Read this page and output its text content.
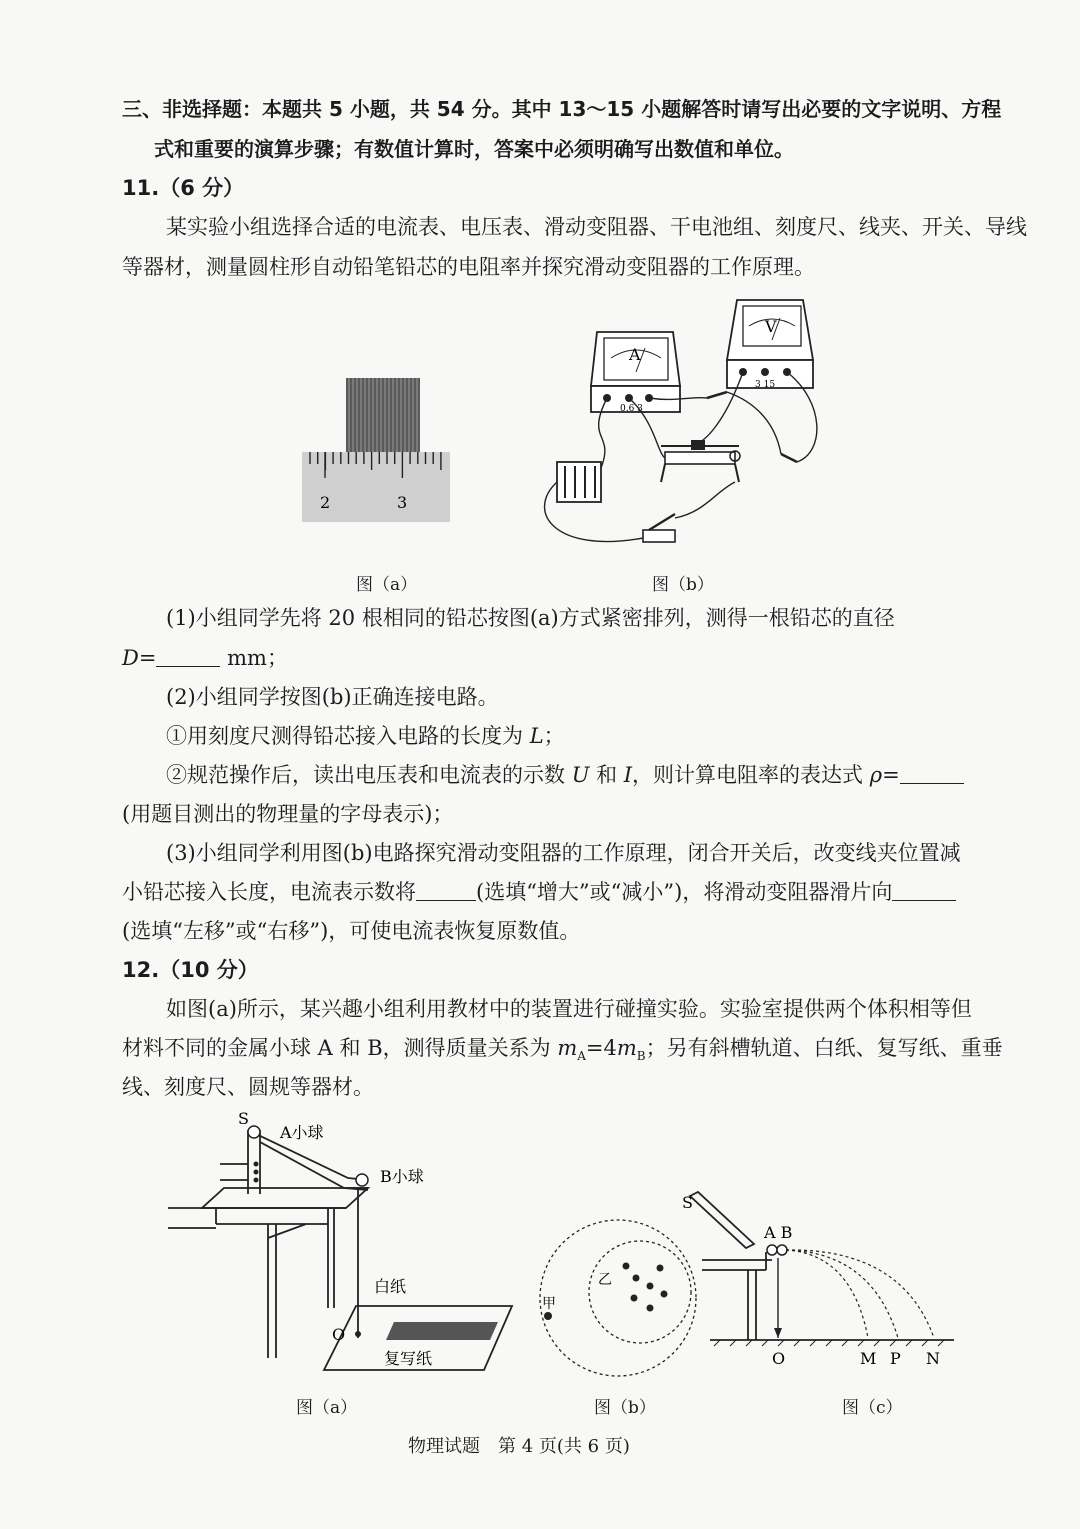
三、非选择题：本题共 5 小题，共 54 分。其中 13～15 小题解答时请写出必要的文字说明、方程
式和重要的演算步骤；有数值计算时，答案中必须明确写出数值和单位。
11.（6 分）
某实验小组选择合适的电流表、电压表、滑动变阻器、干电池组、刻度尺、线夹、开关、导线
等器材，测量圆柱形自动铅笔铅芯的电阻率并探究滑动变阻器的工作原理。
2	3
图（a）
A
0.6 3
V
3 15
图（b）
(1)小组同学先将 20 根相同的铅芯按图(a)方式紧密排列，测得一根铅芯的直径
D=	mm；
(2)小组同学按图(b)正确连接电路。
①用刻度尺测得铅芯接入电路的长度为 L；
②规范操作后，读出电压表和电流表的示数 U 和 I，则计算电阻率的表达式 ρ=
(用题目测出的物理量的字母表示)；
(3)小组同学利用图(b)电路探究滑动变阻器的工作原理，闭合开关后，改变线夹位置减
小铅芯接入长度，电流表示数将	(选填“增大”或“减小”)，将滑动变阻器滑片向
(选填“左移”或“右移”)，可使电流表恢复原数值。
12.（10 分）
如图(a)所示，某兴趣小组利用教材中的装置进行碰撞实验。实验室提供两个体积相等但
材料不同的金属小球 A 和 B，测得质量关系为 $m_A=4m_B$；另有斜槽轨道、白纸、复写纸、重垂
线、刻度尺、圆规等器材。
S
A小球
B小球
白纸
O
复写纸
图（a）
甲
乙
图（b）
S
A B
O	M P N
图（c）
物理试题　第 4 页(共 6 页)
